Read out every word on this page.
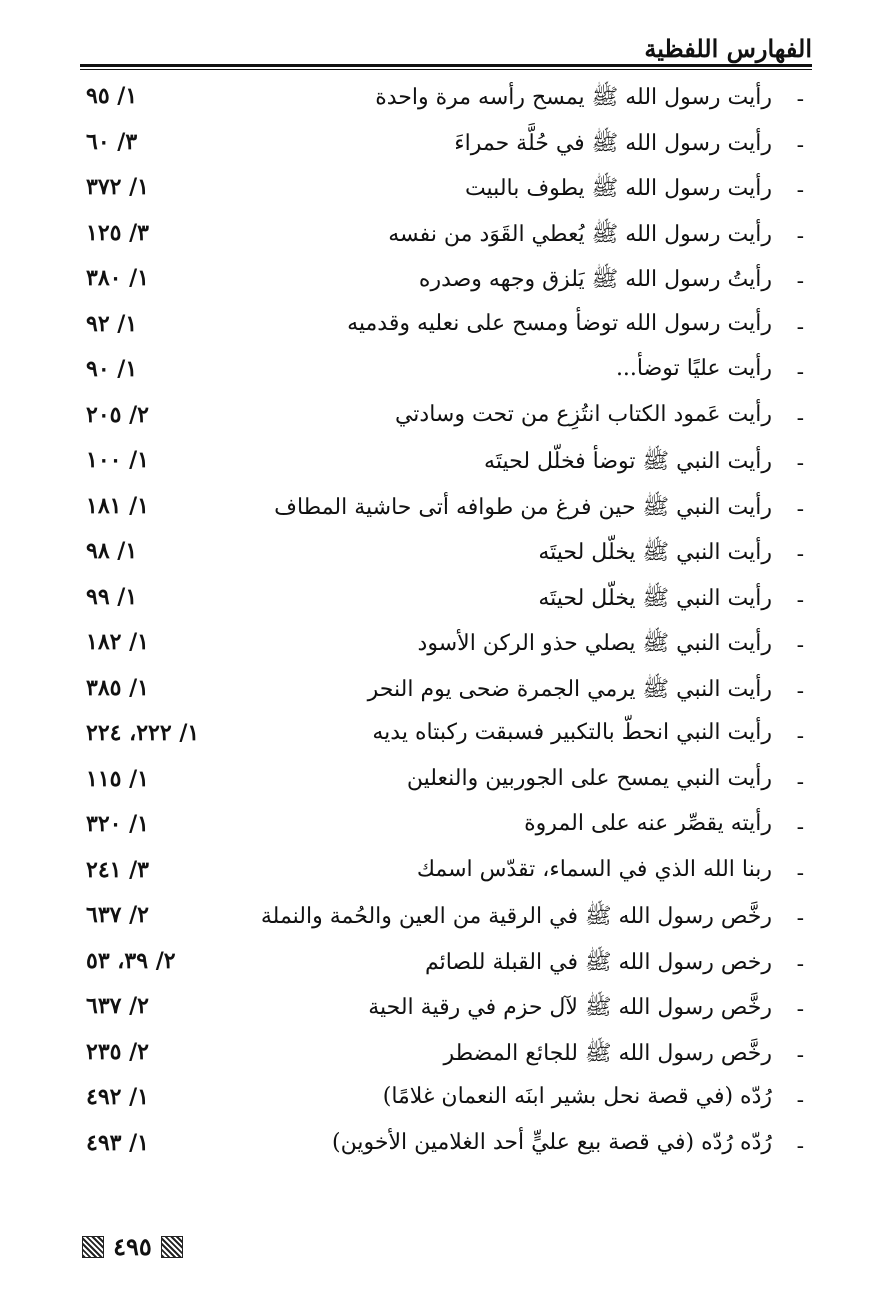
الفهارس اللفظية
-
رأيت رسول الله ﷺ يمسح رأسه مرة واحدة
١/ ٩٥
-
رأيت رسول الله ﷺ في حُلَّة حمراءَ
٣/ ٦٠
-
رأيت رسول الله ﷺ يطوف بالبيت
١/ ٣٧٢
-
رأيت رسول الله ﷺ يُعطي القَوَد من نفسه
٣/ ١٢٥
-
رأيتُ رسول الله ﷺ يَلزق وجهه وصدره
١/ ٣٨٠
-
رأيت رسول الله توضأ ومسح على نعليه وقدميه
١/ ٩٢
-
رأيت عليًا توضأ...
١/ ٩٠
-
رأيت عَمود الكتاب انتُزِع من تحت وسادتي
٢/ ٢٠٥
-
رأيت النبي ﷺ توضأ فخلّل لحيتَه
١/ ١٠٠
-
رأيت النبي ﷺ حين فرغ من طوافه أتى حاشية المطاف
١/ ١٨١
-
رأيت النبي ﷺ يخلّل لحيتَه
١/ ٩٨
-
رأيت النبي ﷺ يخلّل لحيتَه
١/ ٩٩
-
رأيت النبي ﷺ يصلي حذو الركن الأسود
١/ ١٨٢
-
رأيت النبي ﷺ يرمي الجمرة ضحى يوم النحر
١/ ٣٨٥
-
رأيت النبي انحطّ بالتكبير فسبقت ركبتاه يديه
١/ ٢٢٢، ٢٢٤
-
رأيت النبي يمسح على الجوربين والنعلين
١/ ١١٥
-
رأيته يقصِّر عنه على المروة
١/ ٣٢٠
-
ربنا الله الذي في السماء، تقدّس اسمك
٣/ ٢٤١
-
رخَّص رسول الله ﷺ في الرقية من العين والحُمة والنملة
٢/ ٦٣٧
-
رخص رسول الله ﷺ في القبلة للصائم
٢/ ٣٩، ٥٣
-
رخَّص رسول الله ﷺ لآل حزم في رقية الحية
٢/ ٦٣٧
-
رخَّص رسول الله ﷺ للجائع المضطر
٢/ ٢٣٥
-
رُدّه (في قصة نحل بشير ابنَه النعمان غلامًا)
١/ ٤٩٢
-
رُدّه رُدّه (في قصة بيع عليٍّ أحد الغلامين الأخوين)
١/ ٤٩٣
٤٩٥
